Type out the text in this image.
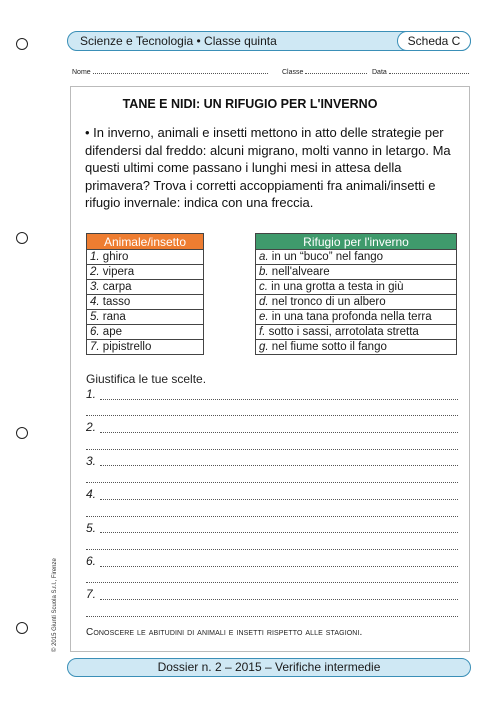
Scienze e Tecnologia • Classe quinta	Scheda C
Nome	Classe	Data
TANE E NIDI: UN RIFUGIO PER L'INVERNO
• In inverno, animali e insetti mettono in atto delle strategie per difendersi dal freddo: alcuni migrano, molti vanno in letargo. Ma questi ultimi come passano i lunghi mesi in attesa della primavera? Trova i corretti accoppiamenti fra animali/insetti e rifugio invernale: indica con una freccia.
Animale/insetto
1. ghiro
2. vipera
3. carpa
4. tasso
5. rana
6. ape
7. pipistrello
Rifugio per l'inverno
a. in un “buco” nel fango
b. nell'alveare
c. in una grotta a testa in giù
d. nel tronco di un albero
e. in una tana profonda nella terra
f. sotto i sassi, arrotolata stretta
g. nel fiume sotto il fango
Giustifica le tue scelte.
1.
2.
3.
4.
5.
6.
7.
Conoscere le abitudini di animali e insetti rispetto alle stagioni.
Dossier n. 2 – 2015 – Verifiche intermedie
© 2015 Giunti Scuola S.r.l., Firenze
